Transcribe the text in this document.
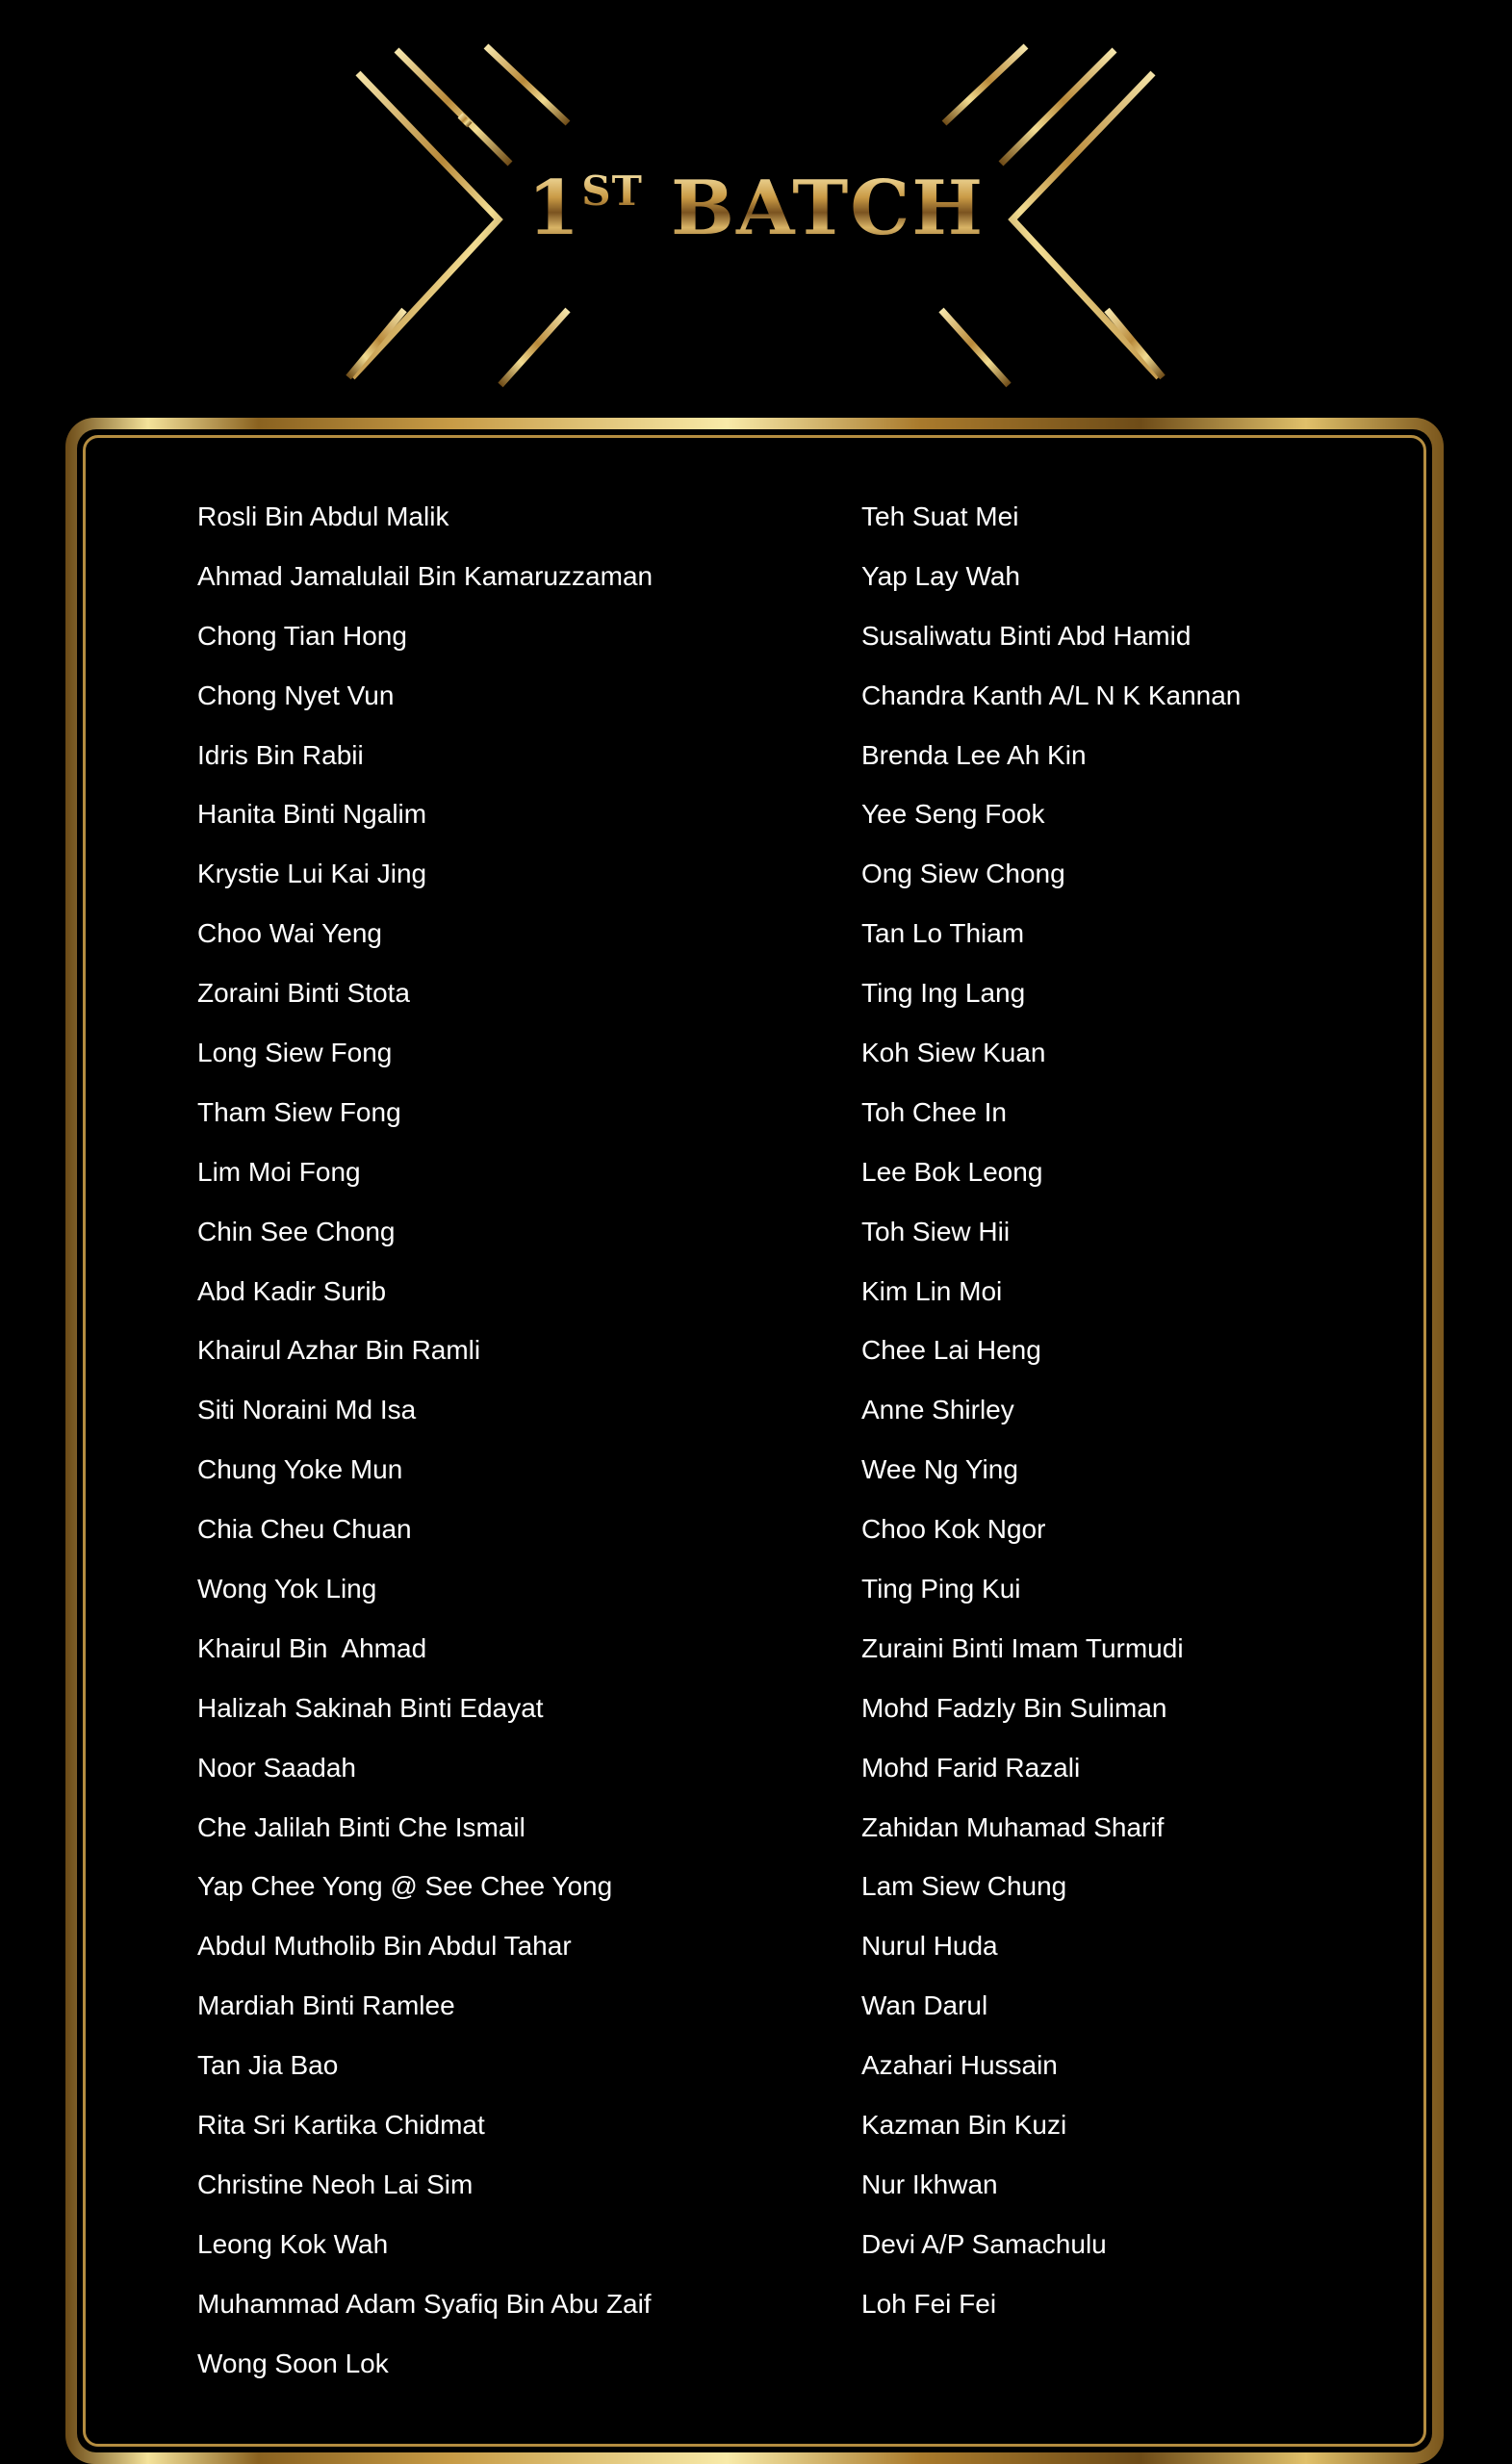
1ST BATCH
Rosli Bin Abdul Malik
Ahmad Jamalulail Bin Kamaruzzaman
Chong Tian Hong
Chong Nyet Vun
Idris Bin Rabii
Hanita Binti Ngalim
Krystie Lui Kai Jing
Choo Wai Yeng
Zoraini Binti Stota
Long Siew Fong
Tham Siew Fong
Lim Moi Fong
Chin See Chong
Abd Kadir Surib
Khairul Azhar Bin Ramli
Siti Noraini Md Isa
Chung Yoke Mun
Chia Cheu Chuan
Wong Yok Ling
Khairul Bin  Ahmad
Halizah Sakinah Binti Edayat
Noor Saadah
Che Jalilah Binti Che Ismail
Yap Chee Yong @ See Chee Yong
Abdul Mutholib Bin Abdul Tahar
Mardiah Binti Ramlee
Tan Jia Bao
Rita Sri Kartika Chidmat
Christine Neoh Lai Sim
Leong Kok Wah
Muhammad Adam Syafiq Bin Abu Zaif
Wong Soon Lok
Teh Suat Mei
Yap Lay Wah
Susaliwatu Binti Abd Hamid
Chandra Kanth A/L N K Kannan
Brenda Lee Ah Kin
Yee Seng Fook
Ong Siew Chong
Tan Lo Thiam
Ting Ing Lang
Koh Siew Kuan
Toh Chee In
Lee Bok Leong
Toh Siew Hii
Kim Lin Moi
Chee Lai Heng
Anne Shirley
Wee Ng Ying
Choo Kok Ngor
Ting Ping Kui
Zuraini Binti Imam Turmudi
Mohd Fadzly Bin Suliman
Mohd Farid Razali
Zahidan Muhamad Sharif
Lam Siew Chung
Nurul Huda
Wan Darul
Azahari Hussain
Kazman Bin Kuzi
Nur Ikhwan
Devi A/P Samachulu
Loh Fei Fei
